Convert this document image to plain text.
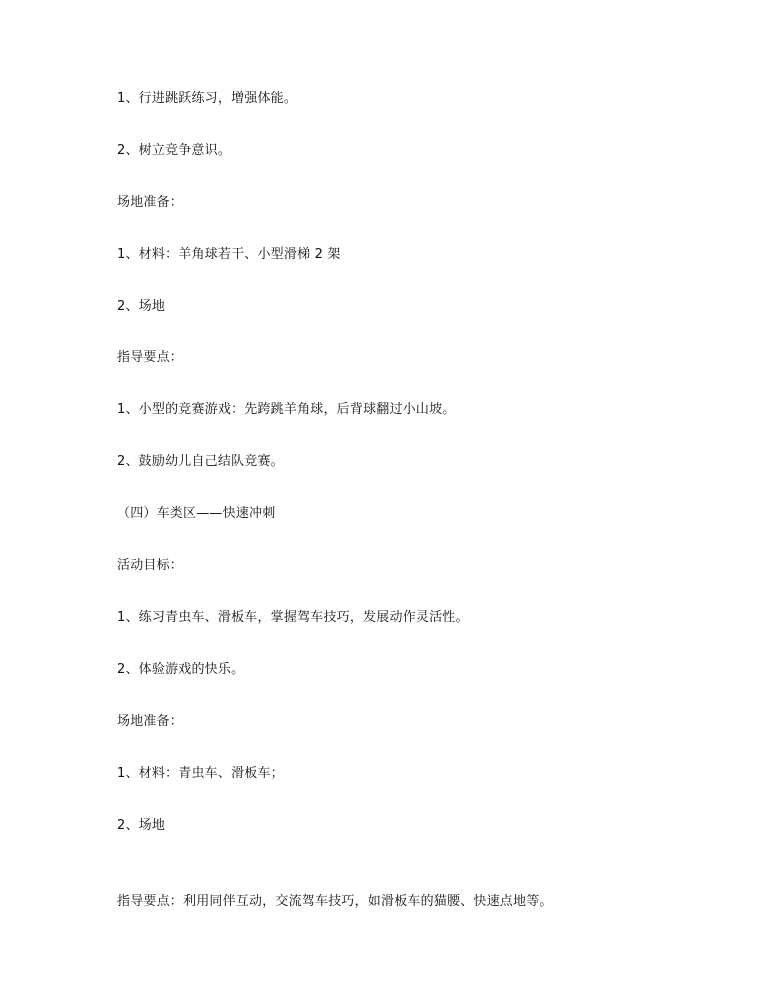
1、行进跳跃练习，增强体能。
2、树立竞争意识。
场地准备：
1、材料：羊角球若干、小型滑梯 2 架
2、场地
指导要点：
1、小型的竞赛游戏：先跨跳羊角球，后背球翻过小山坡。
2、鼓励幼儿自己结队竞赛。
（四）车类区——快速冲刺
活动目标：
1、练习青虫车、滑板车，掌握驾车技巧，发展动作灵活性。
2、体验游戏的快乐。
场地准备：
1、材料：青虫车、滑板车；
2、场地
指导要点：利用同伴互动，交流驾车技巧，如滑板车的猫腰、快速点地等。
